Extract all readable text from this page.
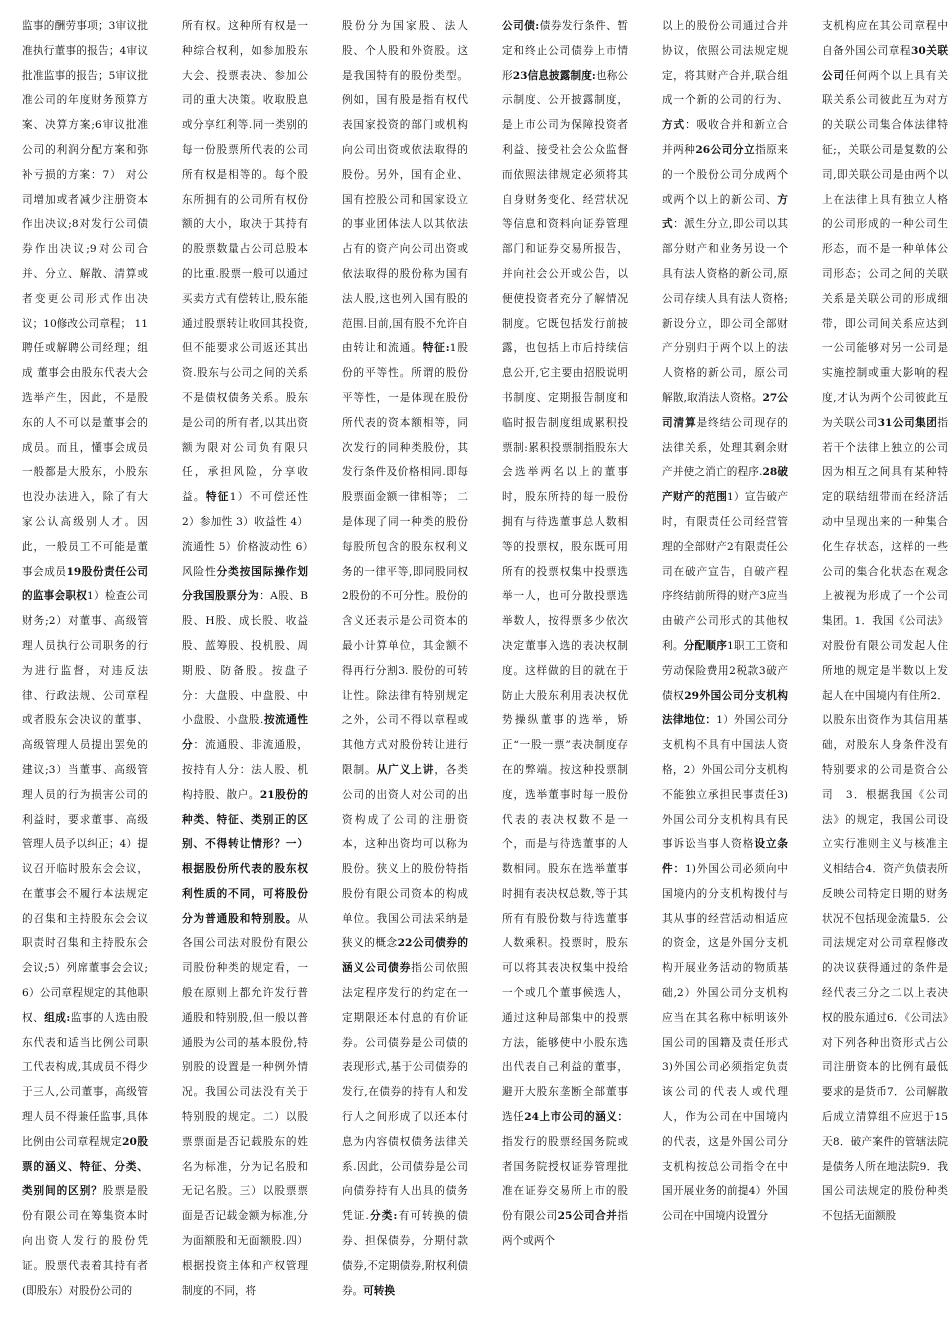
监事的酬劳事项；3审议批准执行董事的报告；4审议批准监事的报告；5审议批准公司的年度财务预算方案、决算方案;6审议批准公司的利润分配方案和弥补亏损的方案：7） 对公司增加或者减少注册资本作出决议;8对发行公司债券作出决议;9对公司合并、分立、解散、清算或者变更公司形式作出决议；10修改公司章程； 11聘任或解聘公司经理；组成 董事会由股东代表大会选举产生，因此，不是股东的人不可以是董事会的成员。而且，懂事会成员一般都是大股东，小股东也没办法进入，除了有大家公认高级别人才。因此，一般员工不可能是董事会成员19股份责任公司的监事会职权1）检查公司财务;2）对董事、高级管理人员执行公司职务的行为进行监督，对违反法律、行政法规、公司章程或者股东会决议的董事、高级管理人员提出罢免的建议;3）当董事、高级管理人员的行为损害公司的利益时，要求董事、高级管理人员予以纠正；4）提议召开临时股东会会议，在董事会不履行本法规定的召集和主持股东会会议职责时召集和主持股东会会议;5）列席董事会会议;6）公司章程规定的其他职权、组成:监事的人选由股东代表和适当比例公司职工代表构成,其成员不得少于三人,公司董事，高级管理人员不得兼任监事,具体比例由公司章程规定20股票的涵义、特征、分类、类别间的区别？股票是股份有限公司在筹集资本时向出资人发行的股份凭证。股票代表着其持有者(即股东）对股份公司的

所有权。这种所有权是一种综合权利，如参加股东大会、投票表决、参加公司的重大决策。收取股息或分享红利等.同一类别的每一份股票所代表的公司所有权是相等的。每个股东所拥有的公司所有权份额的大小，取决于其持有的股票数量占公司总股本的比重.股票一般可以通过买卖方式有偿转让,股东能通过股票转让收回其投资,但不能要求公司返还其出资.股东与公司之间的关系不是债权债务关系。股东是公司的所有者,以其出资额为限对公司负有限只任，承担风险，分享收益。特征1）不可偿还性 2）参加性 3）收益性 4）流通性 5）价格波动性 6）风险性分类按国际操作划分我国股票分为：A股、B股、H股、成长股、收益股、蓝筹股、投机股、周期股、防备股。按盘子分：大盘股、中盘股、中小盘股、小盘股.按流通性分：流通股、非流通股，按持有人分：法人股、机构持股、散户。21股份的种类、特征、类别正的区别、不得转让情形？一）根据股份所代表的股东权利性质的不同，可将股份分为普通股和特别股。从各国公司法对股份有限公司股份种类的规定看，一般在原则上都允许发行普通股和特别股,但一般以普通股为公司的基本股份,特别股的设置是一种例外情况。我国公司法没有关于特别股的规定。二）以股票票面是否记载股东的姓名为标准，分为记名股和无记名股。三）以股票票面是否记载金额为标准,分为面额股和无面额股.四）根据投资主体和产权管理制度的不同，将

股份分为国家股、法人股、个人股和外资股。这是我国特有的股份类型。例如，国有股是指有权代表国家投资的部门或机构向公司出资或依法取得的股份。另外，国有企业、国有控股公司和国家设立的事业团体法人以其依法占有的资产向公司出资或依法取得的股份称为国有法人股,这也列入国有股的范围.目前,国有股不允许自由转让和流通。特征:1股份的平等性。所谓的股份平等性，一是体现在股份所代表的资本额相等，同次发行的同种类股份，其发行条件及价格相同.即每股票面金额一律相等； 二是体现了同一种类的股份每股所包含的股东权利义务的一律平等,即同股同权　2股份的不可分性。股份的含义还表示是公司资本的最小计算单位，其金额不得再行分割3. 股份的可转让性。除法律有特别规定之外，公司不得以章程或其他方式对股份转让进行限制。从广义上讲，各类公司的出资人对公司的出资构成了公司的注册资本，这种出资均可以称为股份。狭义上的股份特指股份有限公司资本的构成单位。我国公司法采纳是狭义的概念22公司债券的涵义公司债券指公司依照法定程序发行的约定在一定期限还本付息的有价证券。公司债券是公司债的表现形式,基于公司债券的发行,在债券的持有人和发行人之间形成了以还本付息为内容债权债务法律关系.因此，公司债券是公司向债券持有人出具的债务凭证.分类:有可转换的债券、担保债券，分期付款债券,不定期债券,附权利债券。可转换

公司债:债券发行条件、暂定和终止公司债券上市情形23信息披露制度:也称公示制度、公开披露制度，是上市公司为保障投资者利益、接受社会公众监督而依照法律规定必须将其自身财务变化、经营状况等信息和资料向证券管理部门和证券交易所报告，并向社会公开或公告，以便使投资者充分了解情况制度。它既包括发行前披露，也包括上市后持续信息公开,它主要由招股说明书制度、定期报告制度和临时报告制度组成累积投票制:累积投票制指股东大会选举两名以上的董事时，股东所持的每一股份拥有与待选董事总人数相等的投票权，股东既可用所有的投票权集中投票选举一人，也可分散投票选举数人，按得票多少依次决定董事入选的表决权制度。这样做的目的就在于防止大股东利用表决权优势操纵董事的选举，矫正“一股一票”表决制度存在的弊端。按这种投票制度，选举董事时每一股份代表的表决权数不是一个，而是与待选董事的人数相同。股东在选举董事时拥有表决权总数,等于其所有有股份数与待选董事人数乘积。投票时，股东可以将其表决权集中投给一个或几个董事候选人，通过这种局部集中的投票方法，能够使中小股东选出代表自己利益的董事，避开大股东垄断全部董事选任24上市公司的涵义：指发行的股票经国务院或者国务院授权证券管理批准在证券交易所上市的股份有限公司25公司合并指两个或两个

以上的股份公司通过合并协议，依照公司法规定规定，将其财产合并,联合组成一个新的公司的行为、方式：吸收合并和新立合并两种26公司分立指原来的一个股份公司分成两个或两个以上的新公司、方式：派生分立,即公司以其部分财产和业务另设一个具有法人资格的新公司,原公司存续人具有法人资格;新设分立，即公司全部财产分别归于两个以上的法人资格的新公司，原公司解散,取消法人资格。27公司清算是终结公司现存的法律关系，处理其剩余财产并使之消亡的程序.28破产财产的范围1）宣告破产时，有限责任公司经营管理的全部财产2有限责任公司在破产宣告，自破产程序终结前所得的财产3应当由破产公司形式的其他权利。分配顺序1职工工资和劳动保险费用2税款3破产债权29外国公司分支机构法律地位：1）外国公司分支机构不具有中国法人资格，2）外国公司分支机构不能独立承担民事责任3)外国公司分支机构具有民事诉讼当事人资格设立条件：1)外国公司必须向中国境内的分支机构拨付与其从事的经营活动相适应的资金，这是外国分支机构开展业务活动的物质基础,2）外国公司分支机构应当在其名称中标明该外国公司的国籍及责任形式3)外国公司必须指定负责该公司的代表人或代理人，作为公司在中国境内的代表，这是外国公司分支机构按总公司指令在中国开展业务的前提4）外国公司在中国境内设置分

支机构应在其公司章程中自备外国公司章程30关联公司任何两个以上具有关联关系公司彼此互为对方的关联公司集合体法律特征;，关联公司是复数的公司,即关联公司是由两个以上在法律上具有独立人格的公司形成的一种公司生形态，而不是一种单体公司形态；公司之间的关联关系是关联公司的形成细带，即公司间关系应达到一公司能够对另一公司是实施控制或重大影响的程度,才认为两个公司彼此互为关联公司31公司集团指若干个法律上独立的公司因为相互之间具有某种特定的联结纽带而在经济活动中呈现出来的一种集合化生存状态，这样的一些公司的集合化状态在观念上被视为形成了一个公司集团。1．我国《公司法》对股份有限公司发起人住所地的规定是半数以上发起人在中国境内有住所2．以股东出资作为其信用基础，对股东人身条件没有特别要求的公司是资合公司　3．根据我国《公司法》的规定，我国公司设立实行准则主义与核准主义相结合4．资产负债表所反映公司特定日期的财务状况不包括现金流量5．公司法规定对公司章程修改的决议获得通过的条件是经代表三分之二以上表决权的股东通过6．《公司法》对下列各种出资形式占公司注册资本的比例有最低要求的是货币7．公司解散后成立清算组不应迟于15天8．破产案件的管辖法院是债务人所在地法院9．我国公司法规定的股份种类不包括无面额股
